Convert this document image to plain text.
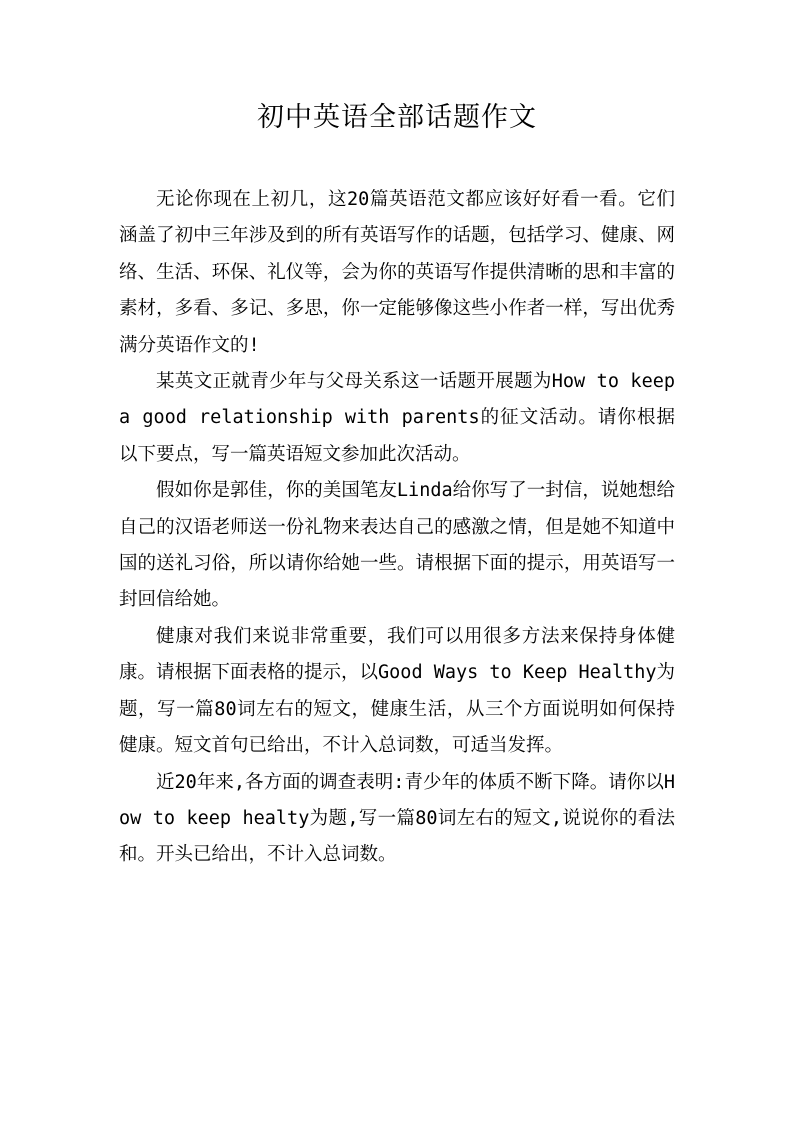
初中英语全部话题作文

无论你现在上初几，这20篇英语范文都应该好好看一看。它们涵盖了初中三年涉及到的所有英语写作的话题，包括学习、健康、网络、生活、环保、礼仪等，会为你的英语写作提供清晰的思和丰富的素材，多看、多记、多思，你一定能够像这些小作者一样，写出优秀满分英语作文的!

某英文正就青少年与父母关系这一话题开展题为How to keep a good relationship with parents的征文活动。请你根据以下要点，写一篇英语短文参加此次活动。

假如你是郭佳，你的美国笔友Linda给你写了一封信，说她想给自己的汉语老师送一份礼物来表达自己的感激之情，但是她不知道中国的送礼习俗，所以请你给她一些。请根据下面的提示，用英语写一封回信给她。

健康对我们来说非常重要，我们可以用很多方法来保持身体健康。请根据下面表格的提示，以Good Ways to Keep Healthy为题，写一篇80词左右的短文，健康生活，从三个方面说明如何保持健康。短文首句已给出，不计入总词数，可适当发挥。

近20年来,各方面的调查表明:青少年的体质不断下降。请你以How to keep healty为题,写一篇80词左右的短文,说说你的看法和。开头已给出，不计入总词数。
